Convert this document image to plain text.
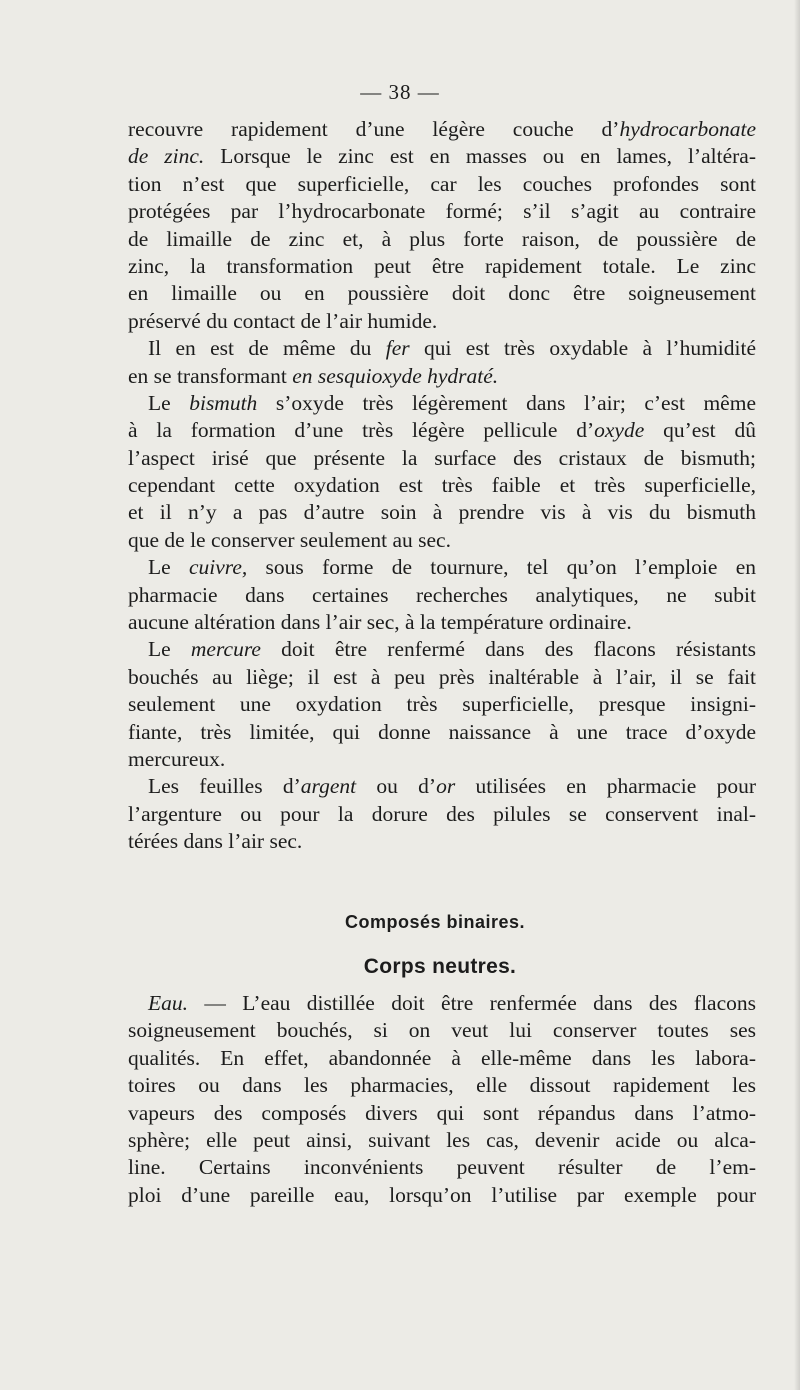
— 38 —
recouvre rapidement d’une légère couche d’hydrocarbonate
de zinc. Lorsque le zinc est en masses ou en lames, l’altéra-
tion n’est que superficielle, car les couches profondes sont
protégées par l’hydrocarbonate formé; s’il s’agit au contraire
de limaille de zinc et, à plus forte raison, de poussière de
zinc, la transformation peut être rapidement totale. Le zinc
en limaille ou en poussière doit donc être soigneusement
préservé du contact de l’air humide.
Il en est de même du fer qui est très oxydable à l’humidité
en se transformant en sesquioxyde hydraté.
Le bismuth s’oxyde très légèrement dans l’air; c’est même
à la formation d’une très légère pellicule d’oxyde qu’est dû
l’aspect irisé que présente la surface des cristaux de bismuth;
cependant cette oxydation est très faible et très superficielle,
et il n’y a pas d’autre soin à prendre vis à vis du bismuth
que de le conserver seulement au sec.
Le cuivre, sous forme de tournure, tel qu’on l’emploie en
pharmacie dans certaines recherches analytiques, ne subit
aucune altération dans l’air sec, à la température ordinaire.
Le mercure doit être renfermé dans des flacons résistants
bouchés au liège; il est à peu près inaltérable à l’air, il se fait
seulement une oxydation très superficielle, presque insigni-
fiante, très limitée, qui donne naissance à une trace d’oxyde
mercureux.
Les feuilles d’argent ou d’or utilisées en pharmacie pour
l’argenture ou pour la dorure des pilules se conservent inal-
térées dans l’air sec.
Composés binaires.
Corps neutres.
Eau. — L’eau distillée doit être renfermée dans des flacons
soigneusement bouchés, si on veut lui conserver toutes ses
qualités. En effet, abandonnée à elle-même dans les labora-
toires ou dans les pharmacies, elle dissout rapidement les
vapeurs des composés divers qui sont répandus dans l’atmo-
sphère; elle peut ainsi, suivant les cas, devenir acide ou alca-
line. Certains inconvénients peuvent résulter de l’em-
ploi d’une pareille eau, lorsqu’on l’utilise par exemple pour
